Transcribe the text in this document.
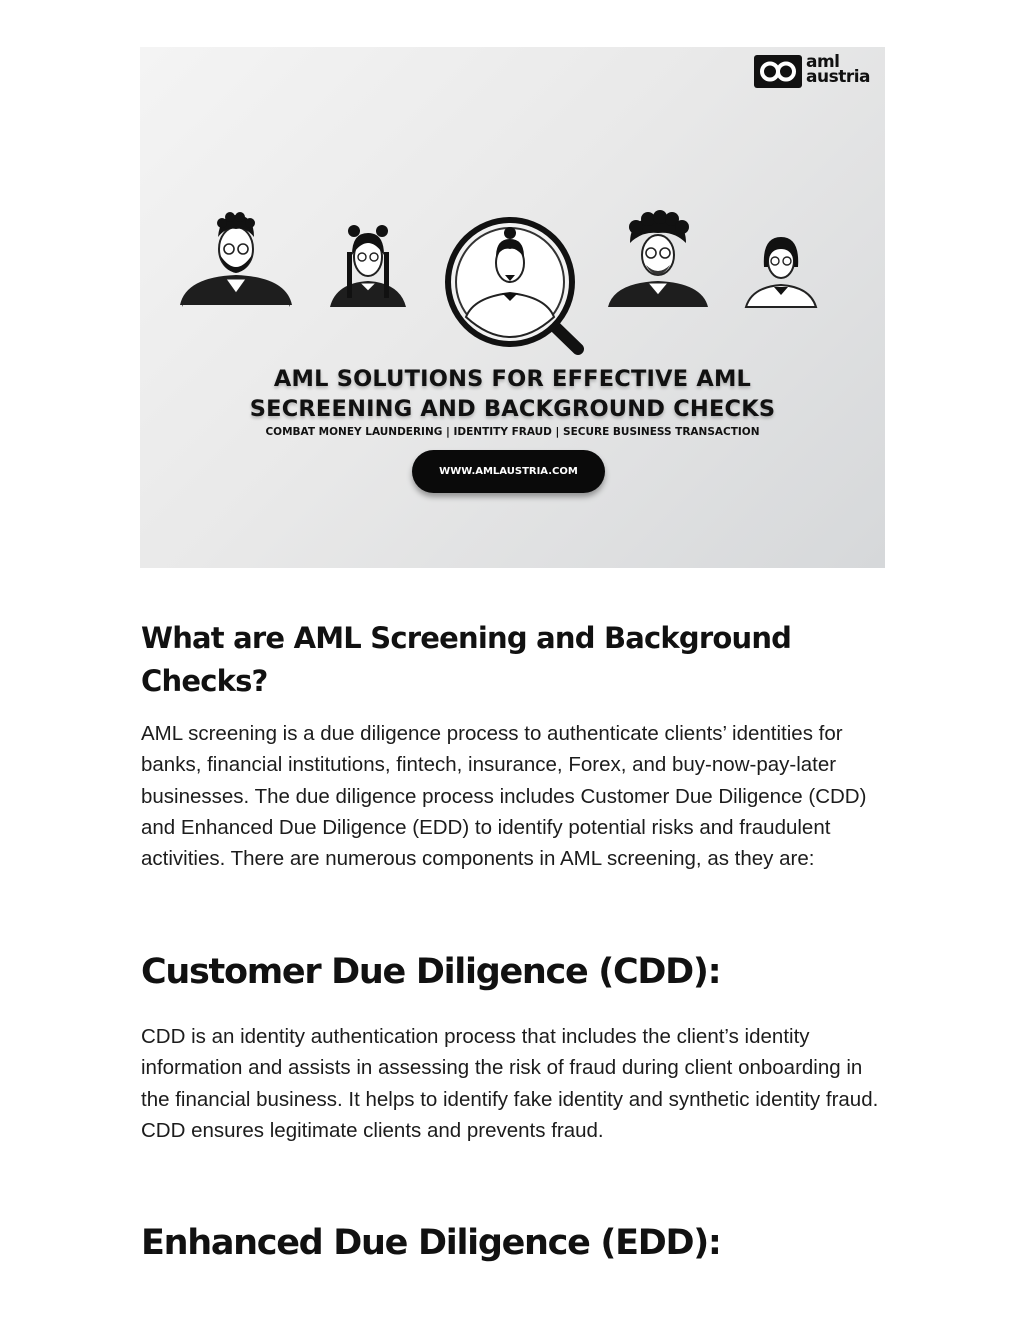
aml
austria
AML SOLUTIONS FOR EFFECTIVE AML
SECREENING AND BACKGROUND CHECKS
COMBAT MONEY LAUNDERING | IDENTITY FRAUD | SECURE BUSINESS TRANSACTION
WWW.AMLAUSTRIA.COM
What are AML Screening and Background Checks?

AML screening is a due diligence process to authenticate clients’ identities for banks, financial institutions, fintech, insurance, Forex, and buy-now-pay-later businesses. The due diligence process includes Customer Due Diligence (CDD) and Enhanced Due Diligence (EDD) to identify potential risks and fraudulent activities. There are numerous components in AML screening, as they are:

Customer Due Diligence (CDD):

CDD is an identity authentication process that includes the client’s identity information and assists in assessing the risk of fraud during client onboarding in the financial business. It helps to identify fake identity and synthetic identity fraud. CDD ensures legitimate clients and prevents fraud.

Enhanced Due Diligence (EDD):
